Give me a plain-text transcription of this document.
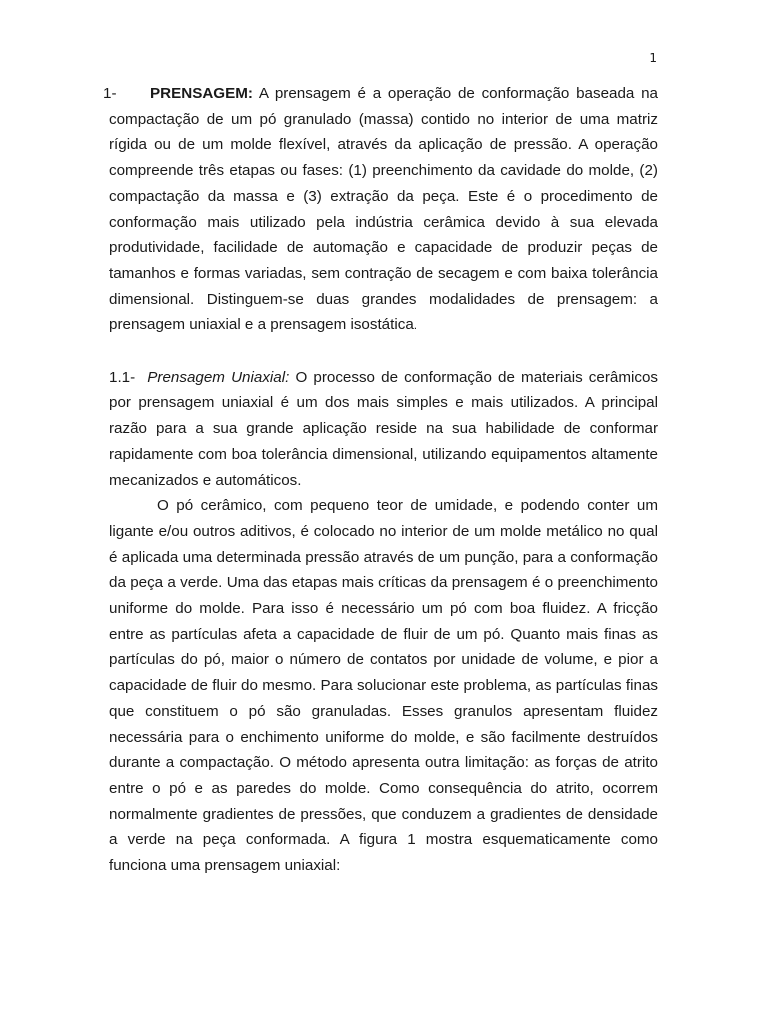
1

1- PRENSAGEM: A prensagem é a operação de conformação baseada na compactação de um pó granulado (massa) contido no interior de uma matriz rígida ou de um molde flexível, através da aplicação de pressão. A operação compreende três etapas ou fases: (1) preenchimento da cavidade do molde, (2) compactação da massa e (3) extração da peça. Este é o procedimento de conformação mais utilizado pela indústria cerâmica devido à sua elevada produtividade, facilidade de automação e capacidade de produzir peças de tamanhos e formas variadas, sem contração de secagem e com baixa tolerância dimensional. Distinguem-se duas grandes modalidades de prensagem: a prensagem uniaxial e a prensagem isostática.

1.1- Prensagem Uniaxial: O processo de conformação de materiais cerâmicos por prensagem uniaxial é um dos mais simples e mais utilizados. A principal razão para a sua grande aplicação reside na sua habilidade de conformar rapidamente com boa tolerância dimensional, utilizando equipamentos altamente mecanizados e automáticos.

O pó cerâmico, com pequeno teor de umidade, e podendo conter um ligante e/ou outros aditivos, é colocado no interior de um molde metálico no qual é aplicada uma determinada pressão através de um punção, para a conformação da peça a verde. Uma das etapas mais críticas da prensagem é o preenchimento uniforme do molde. Para isso é necessário um pó com boa fluidez. A fricção entre as partículas afeta a capacidade de fluir de um pó. Quanto mais finas as partículas do pó, maior o número de contatos por unidade de volume, e pior a capacidade de fluir do mesmo. Para solucionar este problema, as partículas finas que constituem o pó são granuladas. Esses granulos apresentam fluidez necessária para o enchimento uniforme do molde, e são facilmente destruídos durante a compactação. O método apresenta outra limitação: as forças de atrito entre o pó e as paredes do molde. Como consequência do atrito, ocorrem normalmente gradientes de pressões, que conduzem a gradientes de densidade a verde na peça conformada. A figura 1 mostra esquematicamente como funciona uma prensagem uniaxial:
